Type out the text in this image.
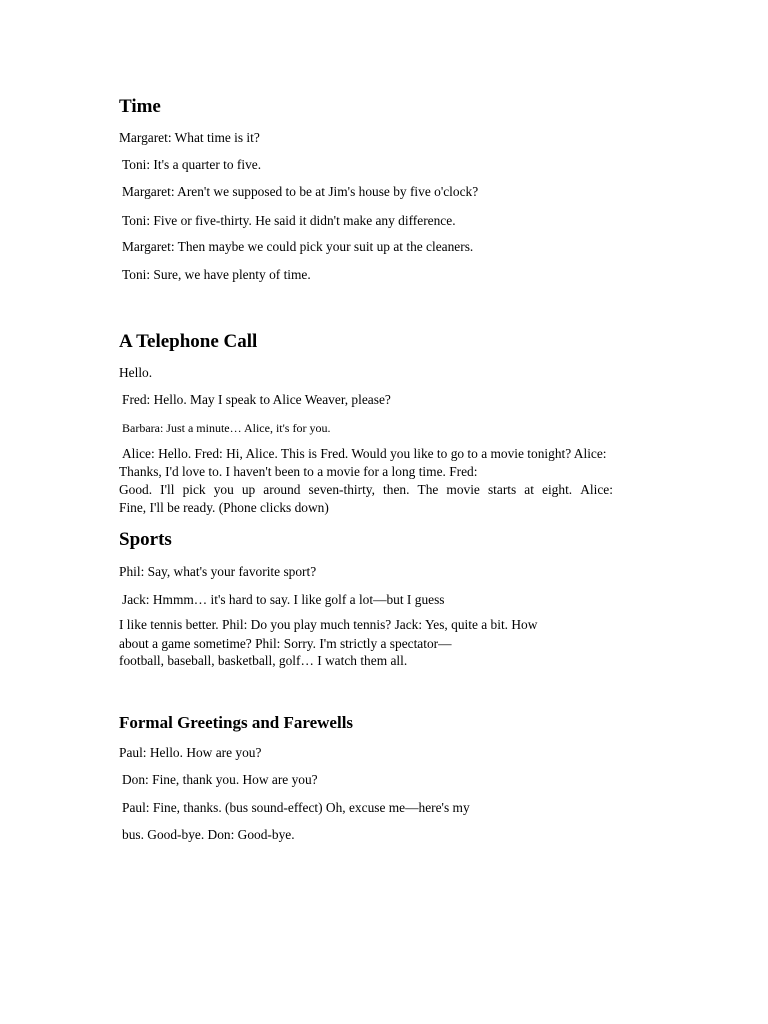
Time

Margaret: What time is it?

Toni: It's a quarter to five.

Margaret: Aren't we supposed to be at Jim's house by five o'clock?

Toni: Five or five-thirty. He said it didn't make any difference.

Margaret: Then maybe we could pick your suit up at the cleaners.

Toni: Sure, we have plenty of time.

A Telephone Call

Hello.

Fred: Hello. May I speak to Alice Weaver, please?

Barbara: Just a minute… Alice, it's for you.

Alice: Hello. Fred: Hi, Alice. This is Fred. Would you like to go to a movie tonight? Alice:

Thanks, I'd love to. I haven't been to a movie for a long time. Fred:

Good. I'll pick you up around seven-thirty, then. The movie starts at eight. Alice:

Fine, I'll be ready. (Phone clicks down)

Sports

Phil: Say, what's your favorite sport?

Jack: Hmmm… it's hard to say. I like golf a lot—but I guess

I like tennis better. Phil: Do you play much tennis? Jack: Yes, quite a bit. How

about a game sometime? Phil: Sorry. I'm strictly a spectator—

football, baseball, basketball, golf… I watch them all.

Formal Greetings and Farewells

Paul: Hello. How are you?

Don: Fine, thank you. How are you?

Paul: Fine, thanks. (bus sound-effect) Oh, excuse me—here's my

bus. Good-bye. Don: Good-bye.
